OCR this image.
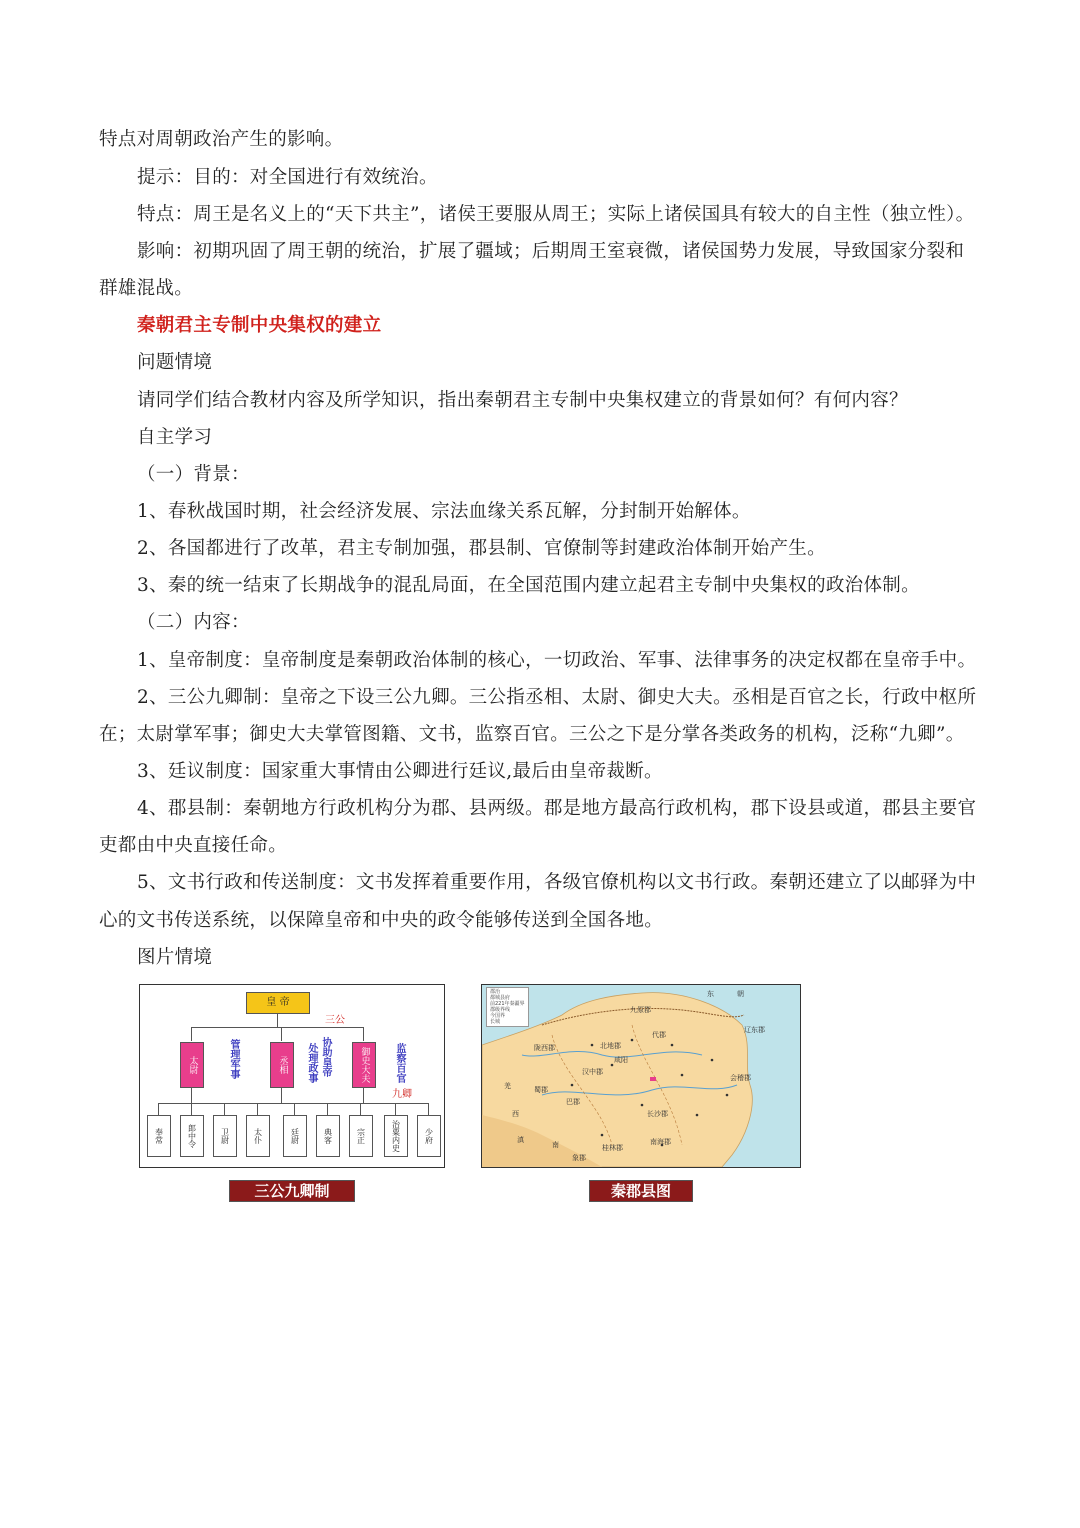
特点对周朝政治产生的影响。
提示：目的：对全国进行有效统治。
特点：周王是名义上的“天下共主”，诸侯王要服从周王；实际上诸侯国具有较大的自主性（独立性）。
影响：初期巩固了周王朝的统治，扩展了疆域；后期周王室衰微，诸侯国势力发展，导致国家分裂和
群雄混战。
秦朝君主专制中央集权的建立
问题情境
请同学们结合教材内容及所学知识，指出秦朝君主专制中央集权建立的背景如何？有何内容？
自主学习
（一）背景：
1、春秋战国时期，社会经济发展、宗法血缘关系瓦解，分封制开始解体。
2、各国都进行了改革，君主专制加强，郡县制、官僚制等封建政治体制开始产生。
3、秦的统一结束了长期战争的混乱局面，在全国范围内建立起君主专制中央集权的政治体制。
（二）内容：
1、皇帝制度：皇帝制度是秦朝政治体制的核心，一切政治、军事、法律事务的决定权都在皇帝手中。
2、三公九卿制：皇帝之下设三公九卿。三公指丞相、太尉、御史大夫。丞相是百官之长，行政中枢所
在；太尉掌军事；御史大夫掌管图籍、文书，监察百官。三公之下是分掌各类政务的机构，泛称“九卿”。
3、廷议制度：国家重大事情由公卿进行廷议,最后由皇帝裁断。
4、郡县制：秦朝地方行政机构分为郡、县两级。郡是地方最高行政机构，郡下设县或道，郡县主要官
吏都由中央直接任命。
5、文书行政和传送制度：文书发挥着重要作用，各级官僚机构以文书行政。秦朝还建立了以邮驿为中
心的文书传送系统，以保障皇帝和中央的政令能够传送到全国各地。
图片情境
皇 帝
三公
太尉	丞相	御史大夫
管理军事	处理政事 协助皇帝	监察百官
九卿
奉常	郎中令	卫尉	太仆	廷尉	典客	宗正	治粟内史	少府
三公九卿制
郡治
都城县府
前221年秦疆界
郡级界线
今国界
长城
九原郡
东	朝
辽东郡
代郡
北地郡
咸阳
陇西郡
汉中郡
巴郡
蜀郡
长沙郡
南海郡
会稽郡
桂林郡
象郡
羌
西
滇
南
秦郡县图
